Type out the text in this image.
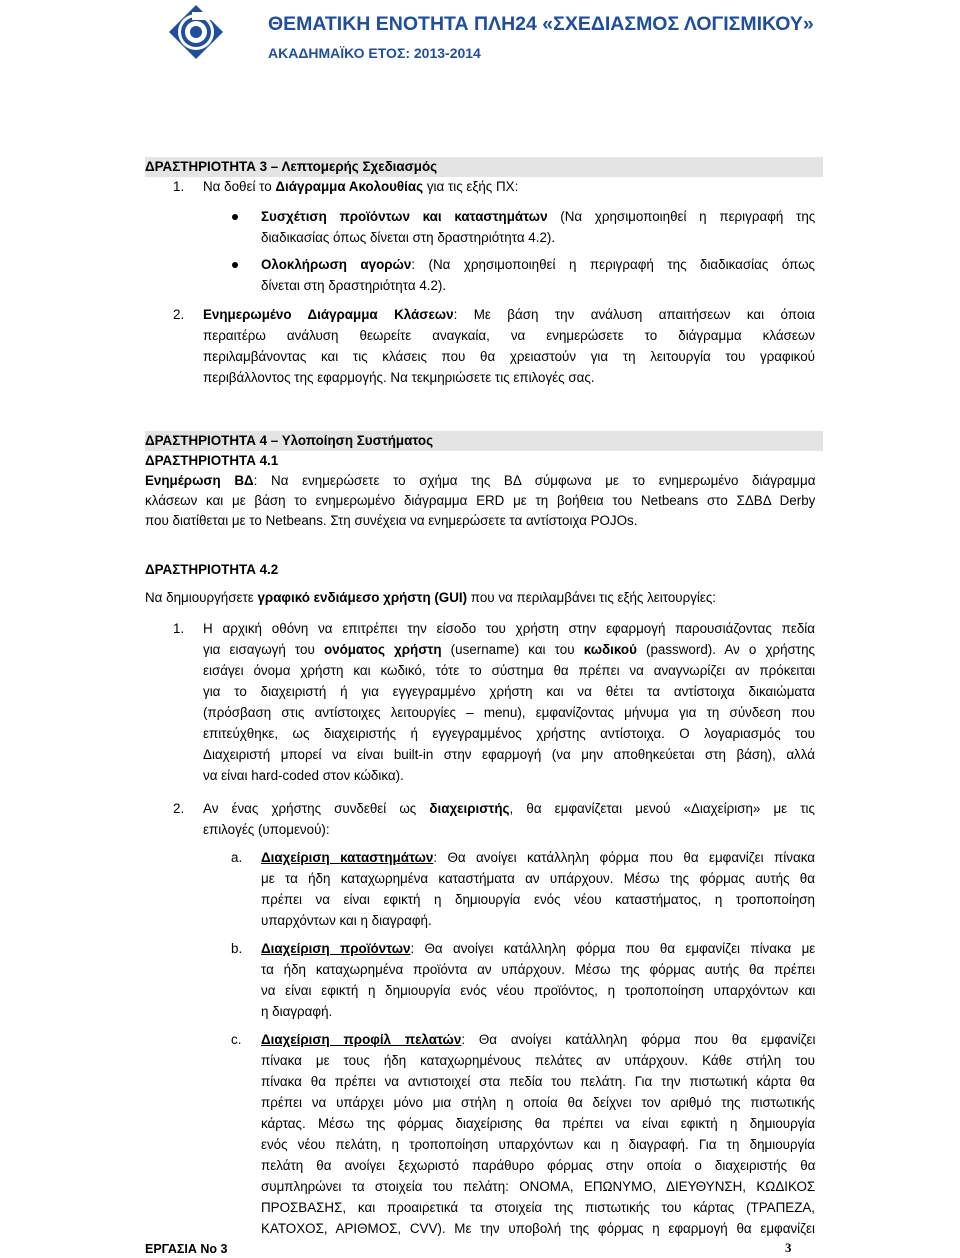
ΘΕΜΑΤΙΚΗ ΕΝΟΤΗΤΑ ΠΛΗ24 «ΣΧΕΔΙΑΣΜΟΣ ΛΟΓΙΣΜΙΚΟΥ»
ΑΚΑΔΗΜΑΪΚΟ ΕΤΟΣ: 2013-2014
ΔΡΑΣΤΗΡΙΟΤΗΤΑ 3 – Λεπτομερής Σχεδιασμός
1. Να δοθεί το Διάγραμμα Ακολουθίας για τις εξής ΠΧ:
Συσχέτιση προϊόντων και καταστημάτων (Να χρησιμοποιηθεί η περιγραφή της
διαδικασίας όπως δίνεται στη δραστηριότητα 4.2).
Ολοκλήρωση αγορών: (Να χρησιμοποιηθεί η περιγραφή της διαδικασίας όπως
δίνεται στη δραστηριότητα 4.2).
2. Ενημερωμένο Διάγραμμα Κλάσεων: Με βάση την ανάλυση απαιτήσεων και όποια
περαιτέρω ανάλυση θεωρείτε αναγκαία, να ενημερώσετε το διάγραμμα κλάσεων
περιλαμβάνοντας και τις κλάσεις που θα χρειαστούν για τη λειτουργία του γραφικού
περιβάλλοντος της εφαρμογής. Να τεκμηριώσετε τις επιλογές σας.
ΔΡΑΣΤΗΡΙΟΤΗΤΑ 4 – Υλοποίηση Συστήματος
ΔΡΑΣΤΗΡΙΟΤΗΤΑ 4.1
Ενημέρωση ΒΔ: Να ενημερώσετε το σχήμα της ΒΔ σύμφωνα με το ενημερωμένο διάγραμμα
κλάσεων και με βάση το ενημερωμένο διάγραμμα ERD με τη βοήθεια του Netbeans στο ΣΔΒΔ Derby
που διατίθεται με το Netbeans. Στη συνέχεια να ενημερώσετε τα αντίστοιχα POJOs.
ΔΡΑΣΤΗΡΙΟΤΗΤΑ 4.2
Να δημιουργήσετε γραφικό ενδιάμεσο χρήστη (GUI) που να περιλαμβάνει τις εξής λειτουργίες:
1. Η αρχική οθόνη να επιτρέπει την είσοδο του χρήστη στην εφαρμογή παρουσιάζοντας πεδία
για εισαγωγή του ονόματος χρήστη (username) και του κωδικού (password). Αν ο χρήστης
εισάγει όνομα χρήστη και κωδικό, τότε το σύστημα θα πρέπει να αναγνωρίζει αν πρόκειται
για το διαχειριστή ή για εγγεγραμμένο χρήστη και να θέτει τα αντίστοιχα δικαιώματα
(πρόσβαση στις αντίστοιχες λειτουργίες – menu), εμφανίζοντας μήνυμα για τη σύνδεση που
επιτεύχθηκε, ως διαχειριστής ή εγγεγραμμένος χρήστης αντίστοιχα. Ο λογαριασμός του
Διαχειριστή μπορεί να είναι built-in στην εφαρμογή (να μην αποθηκεύεται στη βάση), αλλά
να είναι hard-coded στον κώδικα).
2. Αν ένας χρήστης συνδεθεί ως διαχειριστής, θα εμφανίζεται μενού «Διαχείριση» με τις
επιλογές (υπομενού):
a. Διαχείριση καταστημάτων: Θα ανοίγει κατάλληλη φόρμα που θα εμφανίζει πίνακα
με τα ήδη καταχωρημένα καταστήματα αν υπάρχουν. Μέσω της φόρμας αυτής θα
πρέπει να είναι εφικτή η δημιουργία ενός νέου καταστήματος, η τροποποίηση
υπαρχόντων και η διαγραφή.
b. Διαχείριση προϊόντων: Θα ανοίγει κατάλληλη φόρμα που θα εμφανίζει πίνακα με
τα ήδη καταχωρημένα προϊόντα αν υπάρχουν. Μέσω της φόρμας αυτής θα πρέπει
να είναι εφικτή η δημιουργία ενός νέου προϊόντος, η τροποποίηση υπαρχόντων και
η διαγραφή.
c. Διαχείριση προφίλ πελατών: Θα ανοίγει κατάλληλη φόρμα που θα εμφανίζει
πίνακα με τους ήδη καταχωρημένους πελάτες αν υπάρχουν. Κάθε στήλη του
πίνακα θα πρέπει να αντιστοιχεί στα πεδία του πελάτη. Για την πιστωτική κάρτα θα
πρέπει να υπάρχει μόνο μια στήλη η οποία θα δείχνει τον αριθμό της πιστωτικής
κάρτας. Μέσω της φόρμας διαχείρισης θα πρέπει να είναι εφικτή η δημιουργία
ενός νέου πελάτη, η τροποποίηση υπαρχόντων και η διαγραφή. Για τη δημιουργία
πελάτη θα ανοίγει ξεχωριστό παράθυρο φόρμας στην οποία ο διαχειριστής θα
συμπληρώνει τα στοιχεία του πελάτη: ΟΝΟΜΑ, ΕΠΩΝΥΜΟ, ΔΙΕΥΘΥΝΣΗ, ΚΩΔΙΚΟΣ
ΠΡΟΣΒΑΣΗΣ, και προαιρετικά τα στοιχεία της πιστωτικής του κάρτας (ΤΡΑΠΕΖΑ,
ΚΑΤΟΧΟΣ, ΑΡΙΘΜΟΣ, CVV). Με την υποβολή της φόρμας η εφαρμογή θα εμφανίζει
ΕΡΓΑΣΙΑ Νο 3	3
